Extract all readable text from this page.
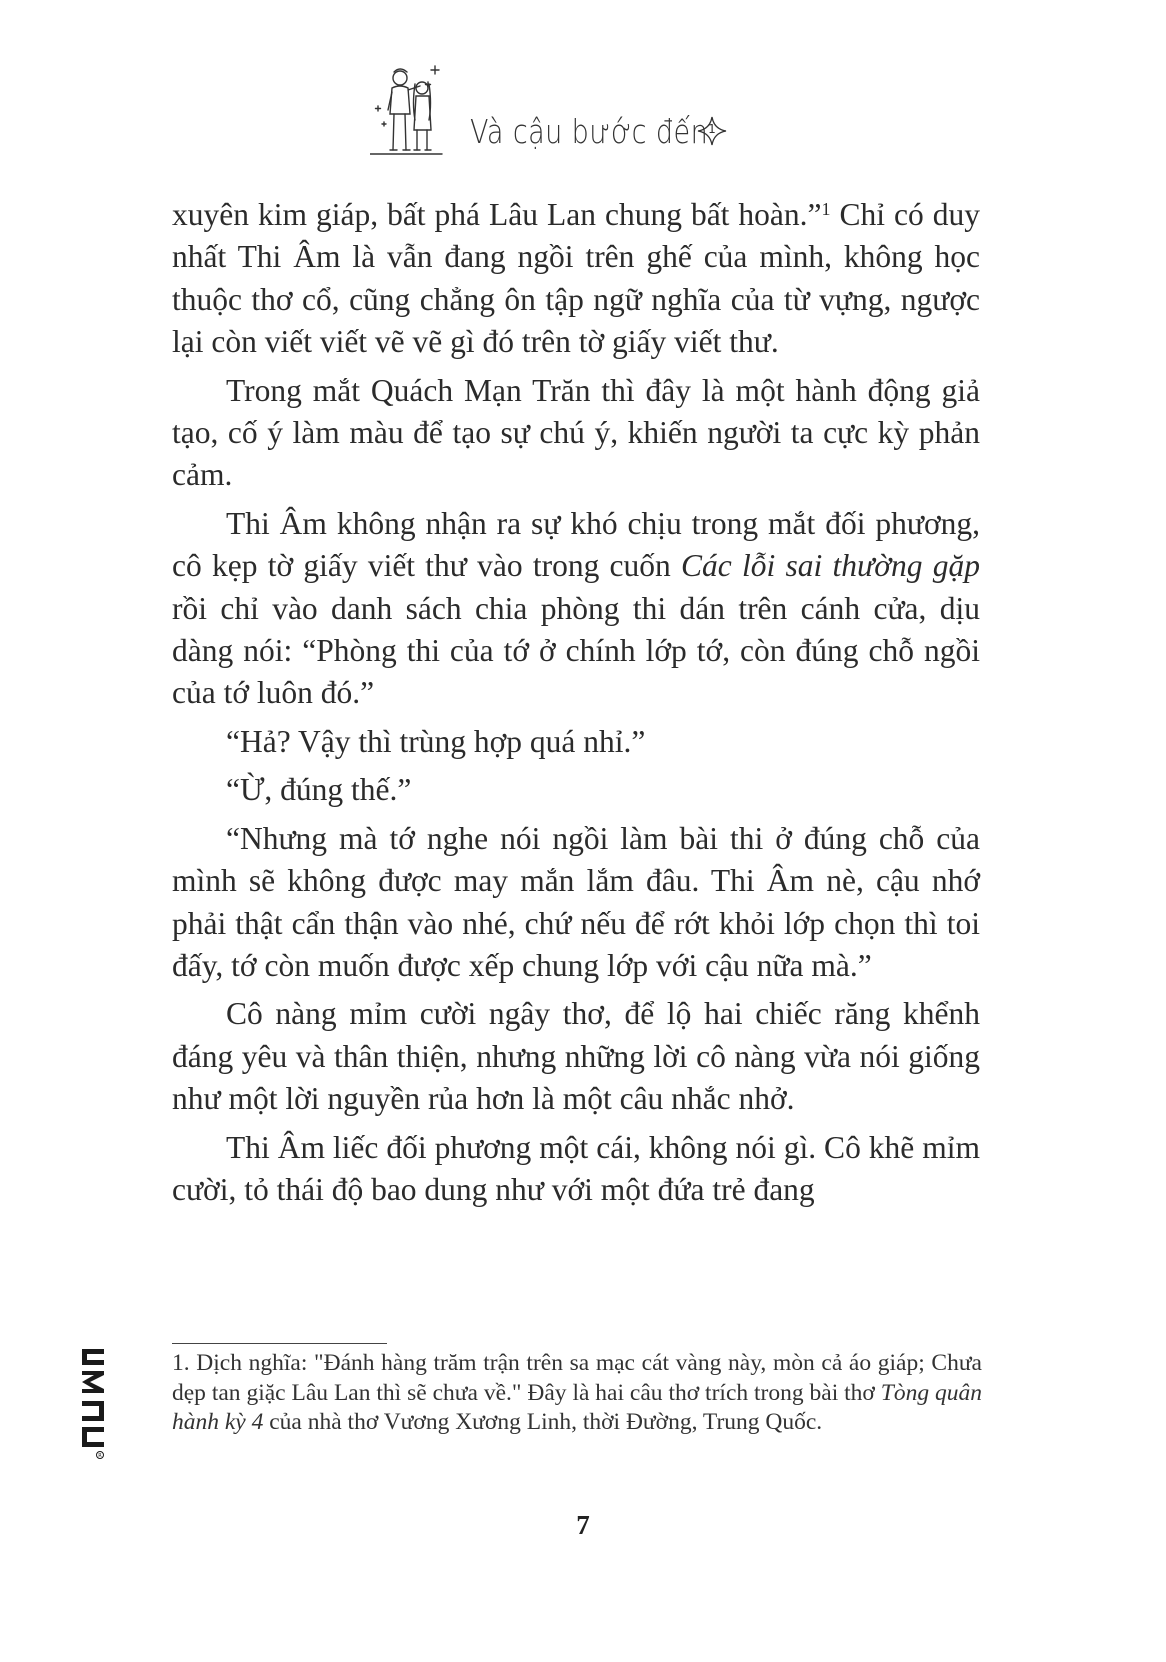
Và cậu bước đến 1

xuyên kim giáp, bất phá Lâu Lan chung bất hoàn.”$^1$ Chỉ có duy nhất Thi Âm là vẫn đang ngồi trên ghế của mình, không học thuộc thơ cổ, cũng chẳng ôn tập ngữ nghĩa của từ vựng, ngược lại còn viết viết vẽ vẽ gì đó trên tờ giấy viết thư.

Trong mắt Quách Mạn Trăn thì đây là một hành động giả tạo, cố ý làm màu để tạo sự chú ý, khiến người ta cực kỳ phản cảm.

Thi Âm không nhận ra sự khó chịu trong mắt đối phương, cô kẹp tờ giấy viết thư vào trong cuốn Các lỗi sai thường gặp rồi chỉ vào danh sách chia phòng thi dán trên cánh cửa, dịu dàng nói: “Phòng thi của tớ ở chính lớp tớ, còn đúng chỗ ngồi của tớ luôn đó.”

“Hả? Vậy thì trùng hợp quá nhỉ.”

“Ừ, đúng thế.”

“Nhưng mà tớ nghe nói ngồi làm bài thi ở đúng chỗ của mình sẽ không được may mắn lắm đâu. Thi Âm nè, cậu nhớ phải thật cẩn thận vào nhé, chứ nếu để rớt khỏi lớp chọn thì toi đấy, tớ còn muốn được xếp chung lớp với cậu nữa mà.”

Cô nàng mỉm cười ngây thơ, để lộ hai chiếc răng khểnh đáng yêu và thân thiện, nhưng những lời cô nàng vừa nói giống như một lời nguyền rủa hơn là một câu nhắc nhở.

Thi Âm liếc đối phương một cái, không nói gì. Cô khẽ mỉm cười, tỏ thái độ bao dung như với một đứa trẻ đang

1. Dịch nghĩa: "Đánh hàng trăm trận trên sa mạc cát vàng này, mòn cả áo giáp; Chưa dẹp tan giặc Lâu Lan thì sẽ chưa về." Đây là hai câu thơ trích trong bài thơ Tòng quân hành kỳ 4 của nhà thơ Vương Xương Linh, thời Đường, Trung Quốc.
R
7
